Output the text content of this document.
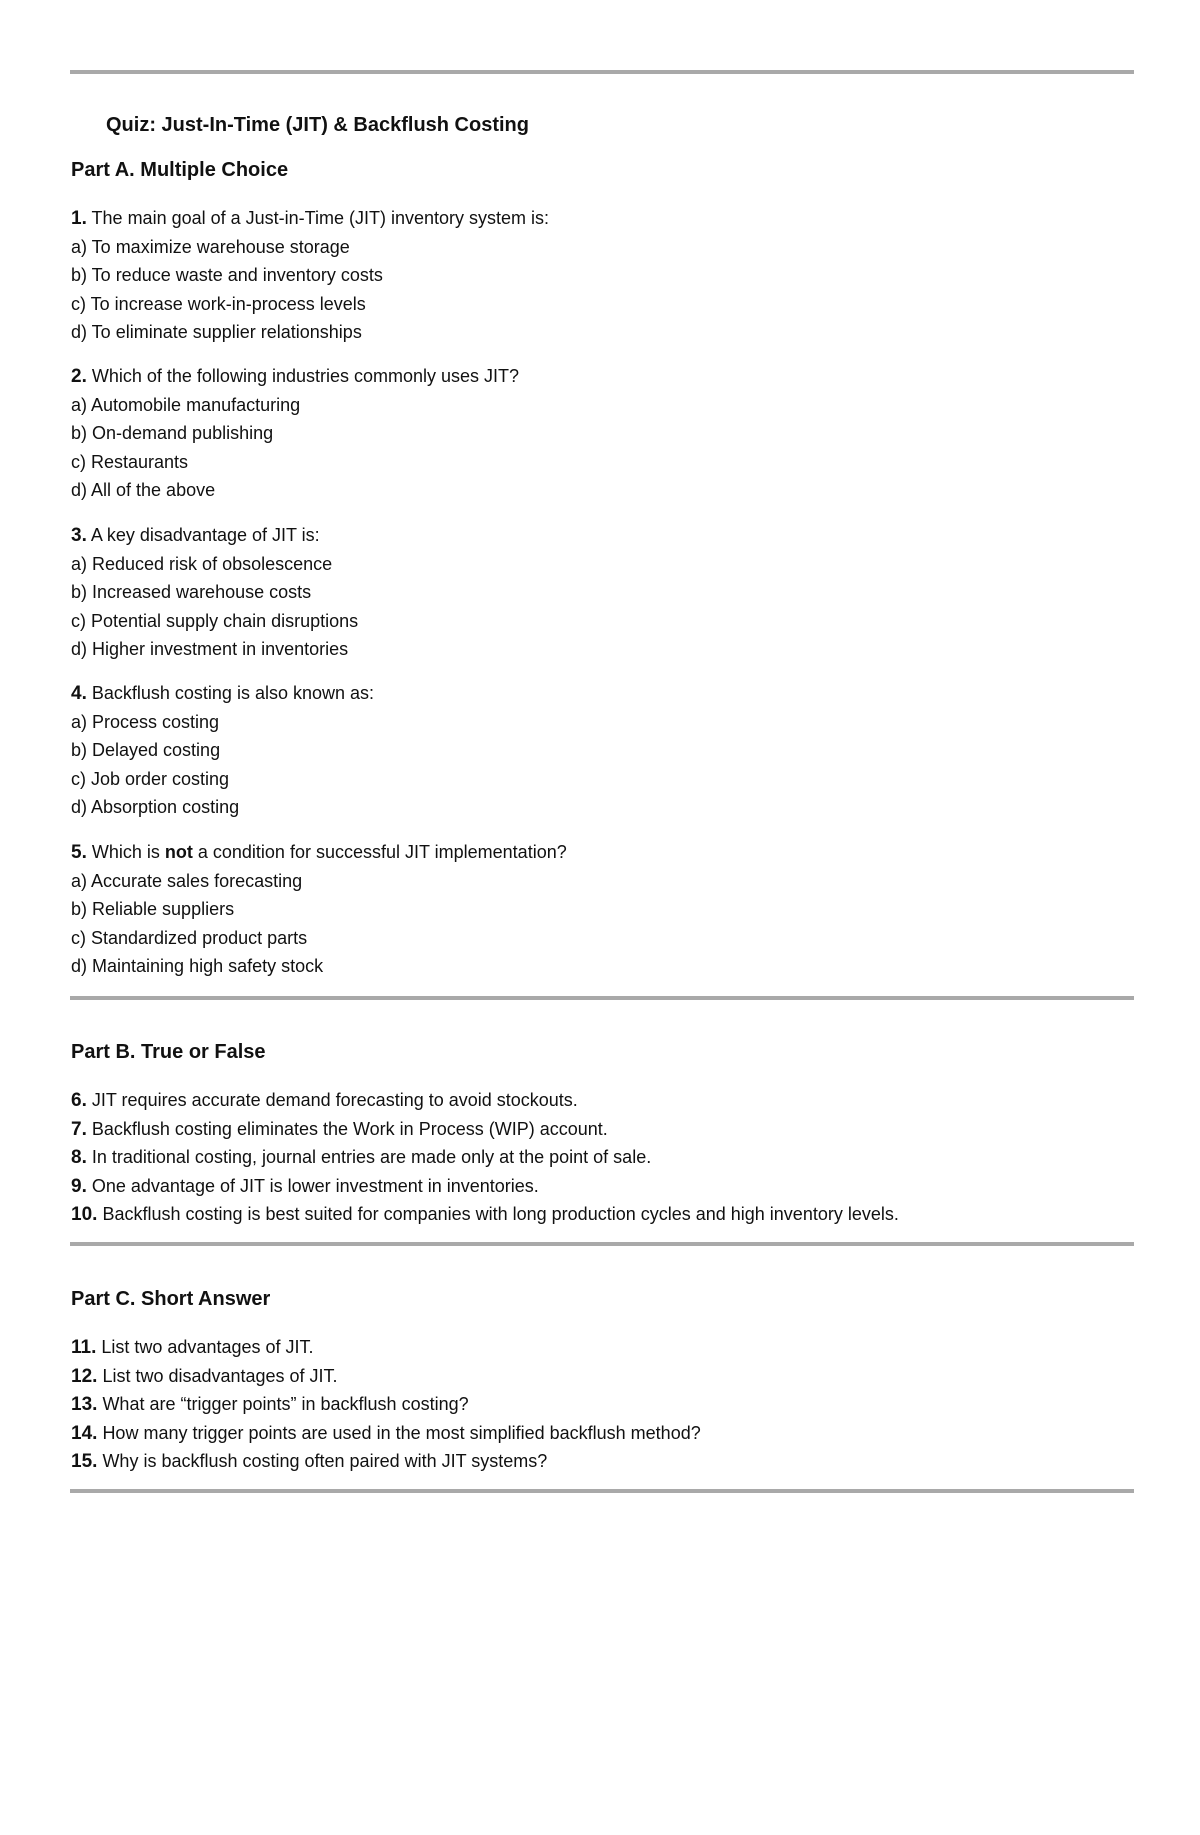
Quiz: Just-In-Time (JIT) & Backflush Costing
Part A. Multiple Choice
1. The main goal of a Just-in-Time (JIT) inventory system is:
a) To maximize warehouse storage
b) To reduce waste and inventory costs
c) To increase work-in-process levels
d) To eliminate supplier relationships
2. Which of the following industries commonly uses JIT?
a) Automobile manufacturing
b) On-demand publishing
c) Restaurants
d) All of the above
3. A key disadvantage of JIT is:
a) Reduced risk of obsolescence
b) Increased warehouse costs
c) Potential supply chain disruptions
d) Higher investment in inventories
4. Backflush costing is also known as:
a) Process costing
b) Delayed costing
c) Job order costing
d) Absorption costing
5. Which is not a condition for successful JIT implementation?
a) Accurate sales forecasting
b) Reliable suppliers
c) Standardized product parts
d) Maintaining high safety stock
Part B. True or False
6. JIT requires accurate demand forecasting to avoid stockouts.
7. Backflush costing eliminates the Work in Process (WIP) account.
8. In traditional costing, journal entries are made only at the point of sale.
9. One advantage of JIT is lower investment in inventories.
10. Backflush costing is best suited for companies with long production cycles and high inventory levels.
Part C. Short Answer
11. List two advantages of JIT.
12. List two disadvantages of JIT.
13. What are “trigger points” in backflush costing?
14. How many trigger points are used in the most simplified backflush method?
15. Why is backflush costing often paired with JIT systems?
